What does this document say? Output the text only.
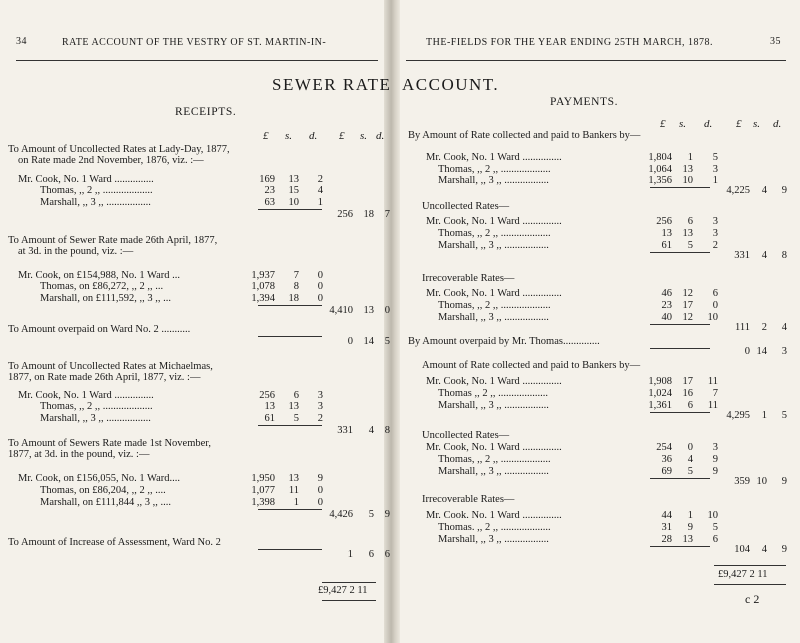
34	RATE ACCOUNT OF THE VESTRY OF ST. MARTIN-IN-	THE-FIELDS FOR THE YEAR ENDING 25TH MARCH, 1878.	35
SEWER RATE ACCOUNT.
RECEIPTS.
PAYMENTS.
£ s. d. £ s. d.
To Amount of Uncollected Rates at Lady-Day, 1877,
on Rate made 2nd November, 1876, viz. :—
Mr. Cook, No. 1 Ward ...............	169	13	2
Thomas, ,, 2 ,, ...................	23	15	4
Marshall, ,, 3 ,, .................	63	10	1
256	18	7
To Amount of Sewer Rate made 26th April, 1877,
at 3d. in the pound, viz. :—
Mr. Cook, on £154,988, No. 1 Ward ...	1,937	7	0
Thomas, on £86,272, ,, 2 ,, ...	1,078	8	0
Marshall, on £111,592, ,, 3 ,, ...	1,394	18	0
4,410	13	0
To Amount overpaid on Ward No. 2 ...........
0	14	5
To Amount of Uncollected Rates at Michaelmas,
1877, on Rate made 26th April, 1877, viz. :—
Mr. Cook, No. 1 Ward ...............	256	6	3
Thomas, ,, 2 ,, ...................	13	13	3
Marshall, ,, 3 ,, .................	61	5	2
331	4	8
To Amount of Sewers Rate made 1st November,
1877, at 3d. in the pound, viz. :—
Mr. Cook, on £156,055, No. 1 Ward....	1,950	13	9
Thomas, on £86,204, ,, 2 ,, ....	1,077	11	0
Marshall, on £111,844 ,, 3 ,, ....	1,398	1	0
4,426	5	9
To Amount of Increase of Assessment, Ward No. 2
1	6	6
£ s. d. £ s. d.
By Amount of Rate collected and paid to Bankers by—
Mr. Cook, No. 1 Ward ...............	1,804	1	5
Thomas, ,, 2 ,, ...................	1,064	13	3
Marshall, ,, 3 ,, .................	1,356	10	1
4,225	4	9
Uncollected Rates—
Mr. Cook, No. 1 Ward ...............	256	6	3
Thomas, ,, 2 ,, ...................	13	13	3
Marshall, ,, 3 ,, .................	61	5	2
331	4	8
Irrecoverable Rates—
Mr. Cook, No. 1 Ward ...............	46	12	6
Thomas, ,, 2 ,, ...................	23	17	0
Marshall, ,, 3 ,, .................	40	12	10
111	2	4
By Amount overpaid by Mr. Thomas..............
0 14	3
Amount of Rate collected and paid to Bankers by—
Mr. Cook, No. 1 Ward ...............	1,908	17	11
Thomas ,, 2 ,, ...................	1,024	16	7
Marshall, ,, 3 ,, .................	1,361	6	11
4,295	1	5
Uncollected Rates—
Mr. Cook, No. 1 Ward ...............	254	0	3
Thomas, ,, 2 ,, ...................	36	4	9
Marshall, ,, 3 ,, .................	69	5	9
359 10	9
Irrecoverable Rates—
Mr. Cook. No. 1 Ward ...............	44	1	10
Thomas. ,, 2 ,, ...................	31	9	5
Marshall, ,, 3 ,, .................	28	13	6
104	4	9
£9,427 2 11
£9,427 2 11
c 2
